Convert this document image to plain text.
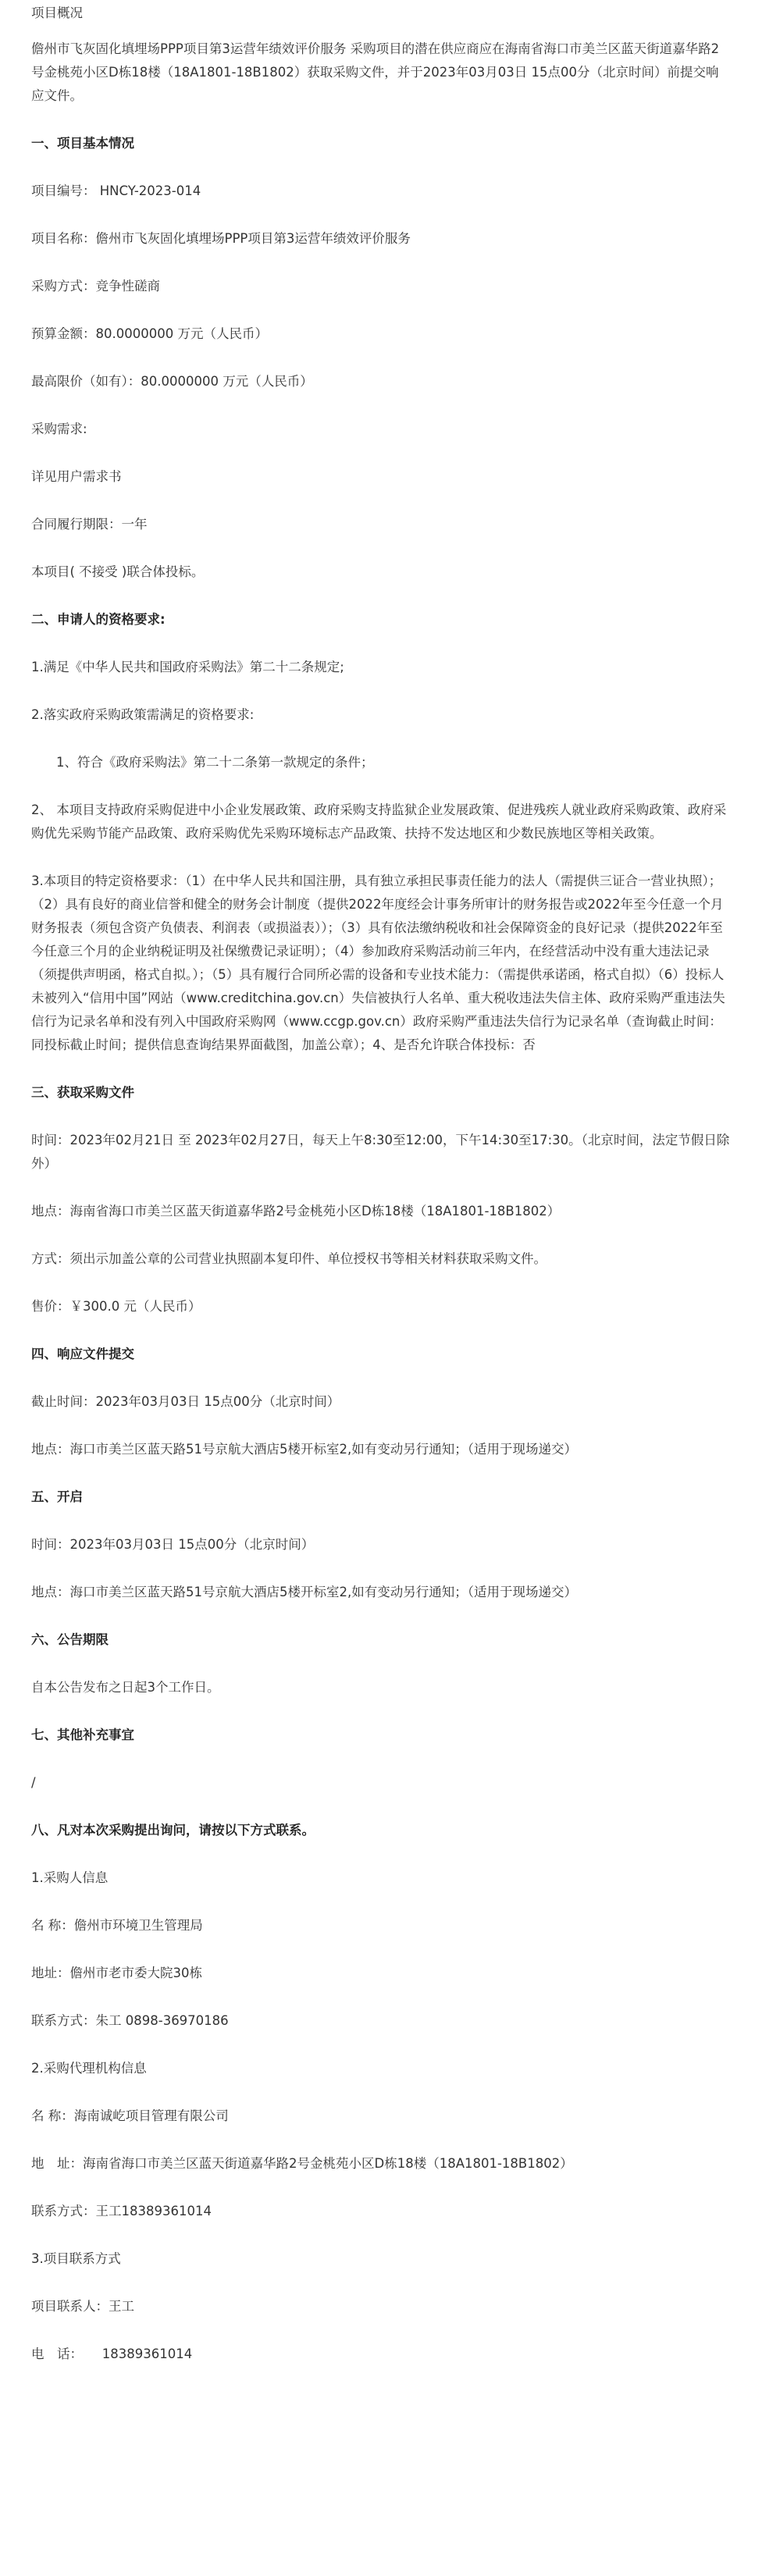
项目概况

儋州市飞灰固化填埋场PPP项目第3运营年绩效评价服务 采购项目的潜在供应商应在海南省海口市美兰区蓝天街道嘉华路2号金桃苑小区D栋18楼（18A1801-18B1802）获取采购文件，并于2023年03月03日 15点00分（北京时间）前提交响应文件。

一、项目基本情况

项目编号： HNCY-2023-014

项目名称：儋州市飞灰固化填埋场PPP项目第3运营年绩效评价服务

采购方式：竞争性磋商

预算金额：80.0000000 万元（人民币）

最高限价（如有）：80.0000000 万元（人民币）

采购需求:

详见用户需求书

合同履行期限：一年

本项目( 不接受 )联合体投标。

二、申请人的资格要求:

1.满足《中华人民共和国政府采购法》第二十二条规定;

2.落实政府采购政策需满足的资格要求:

1、符合《政府采购法》第二十二条第一款规定的条件；

2、 本项目支持政府采购促进中小企业发展政策、政府采购支持监狱企业发展政策、促进残疾人就业政府采购政策、政府采购优先采购节能产品政策、政府采购优先采购环境标志产品政策、扶持不发达地区和少数民族地区等相关政策。

3.本项目的特定资格要求：（1）在中华人民共和国注册，具有独立承担民事责任能力的法人（需提供三证合一营业执照）；（2）具有良好的商业信誉和健全的财务会计制度（提供2022年度经会计事务所审计的财务报告或2022年至今任意一个月财务报表（须包含资产负债表、利润表（或损溢表））；（3）具有依法缴纳税收和社会保障资金的良好记录（提供2022年至今任意三个月的企业纳税证明及社保缴费记录证明）；（4）参加政府采购活动前三年内，在经营活动中没有重大违法记录（须提供声明函，格式自拟。）；（5）具有履行合同所必需的设备和专业技术能力：（需提供承诺函，格式自拟）（6）投标人未被列入“信用中国”网站（www.creditchina.gov.cn）失信被执行人名单、重大税收违法失信主体、政府采购严重违法失信行为记录名单和没有列入中国政府采购网（www.ccgp.gov.cn）政府采购严重违法失信行为记录名单（查询截止时间：同投标截止时间；提供信息查询结果界面截图，加盖公章）；4、是否允许联合体投标：否

三、获取采购文件

时间：2023年02月21日 至 2023年02月27日，每天上午8:30至12:00，下午14:30至17:30。（北京时间，法定节假日除外）

地点：海南省海口市美兰区蓝天街道嘉华路2号金桃苑小区D栋18楼（18A1801-18B1802）

方式：须出示加盖公章的公司营业执照副本复印件、单位授权书等相关材料获取采购文件。

售价：￥300.0 元（人民币）

四、响应文件提交

截止时间：2023年03月03日 15点00分（北京时间）

地点：海口市美兰区蓝天路51号京航大酒店5楼开标室2,如有变动另行通知；（适用于现场递交）

五、开启

时间：2023年03月03日 15点00分（北京时间）

地点：海口市美兰区蓝天路51号京航大酒店5楼开标室2,如有变动另行通知；（适用于现场递交）

六、公告期限

自本公告发布之日起3个工作日。

七、其他补充事宜

/

八、凡对本次采购提出询问，请按以下方式联系。

1.采购人信息

名 称：儋州市环境卫生管理局

地址：儋州市老市委大院30栋

联系方式：朱工 0898-36970186

2.采购代理机构信息

名 称：海南诚屹项目管理有限公司

地　址：海南省海口市美兰区蓝天街道嘉华路2号金桃苑小区D栋18楼（18A1801-18B1802）

联系方式：王工18389361014

3.项目联系方式

项目联系人：王工

电　话：　　18389361014
